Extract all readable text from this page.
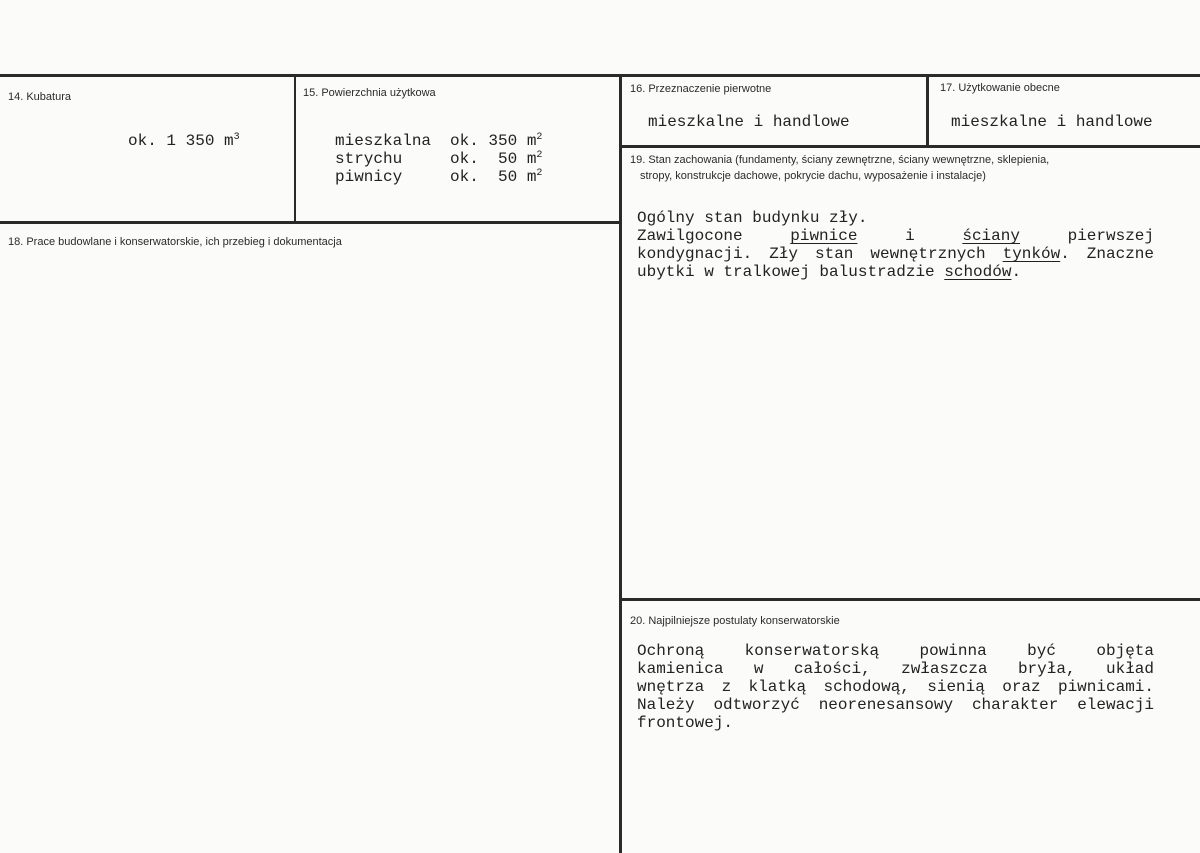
14. Kubatura
ok. 1 350 $m^3$
15. Powierzchnia użytkowa
mieszkalna ok. 350 $m^2$
strychu	ok.  50 $m^2$
piwnicy	ok.  50 $m^2$
16. Przeznaczenie pierwotne
mieszkalne i handlowe
17. Użytkowanie obecne
mieszkalne i handlowe
18. Prace budowlane i konserwatorskie, ich przebieg i dokumentacja
19. Stan zachowania (fundamenty, ściany zewnętrzne, ściany wewnętrzne, sklepienia,
stropy, konstrukcje dachowe, pokrycie dachu, wyposażenie i instalacje)
Ogólny stan budynku zły.
Zawilgocone piwnice	i ściany	pierwszej
kondygnacji. Zły stan wewnętrznych tynków. Znaczne
ubytki w tralkowej balustradzie schodów.
20. Najpilniejsze postulaty konserwatorskie
Ochroną konserwatorską powinna być objęta
kamienica w całości, zwłaszcza bryła, układ
wnętrza z klatką schodową, sienią oraz piwnicami.
Należy odtworzyć neorenesansowy charakter elewacji
frontowej.
